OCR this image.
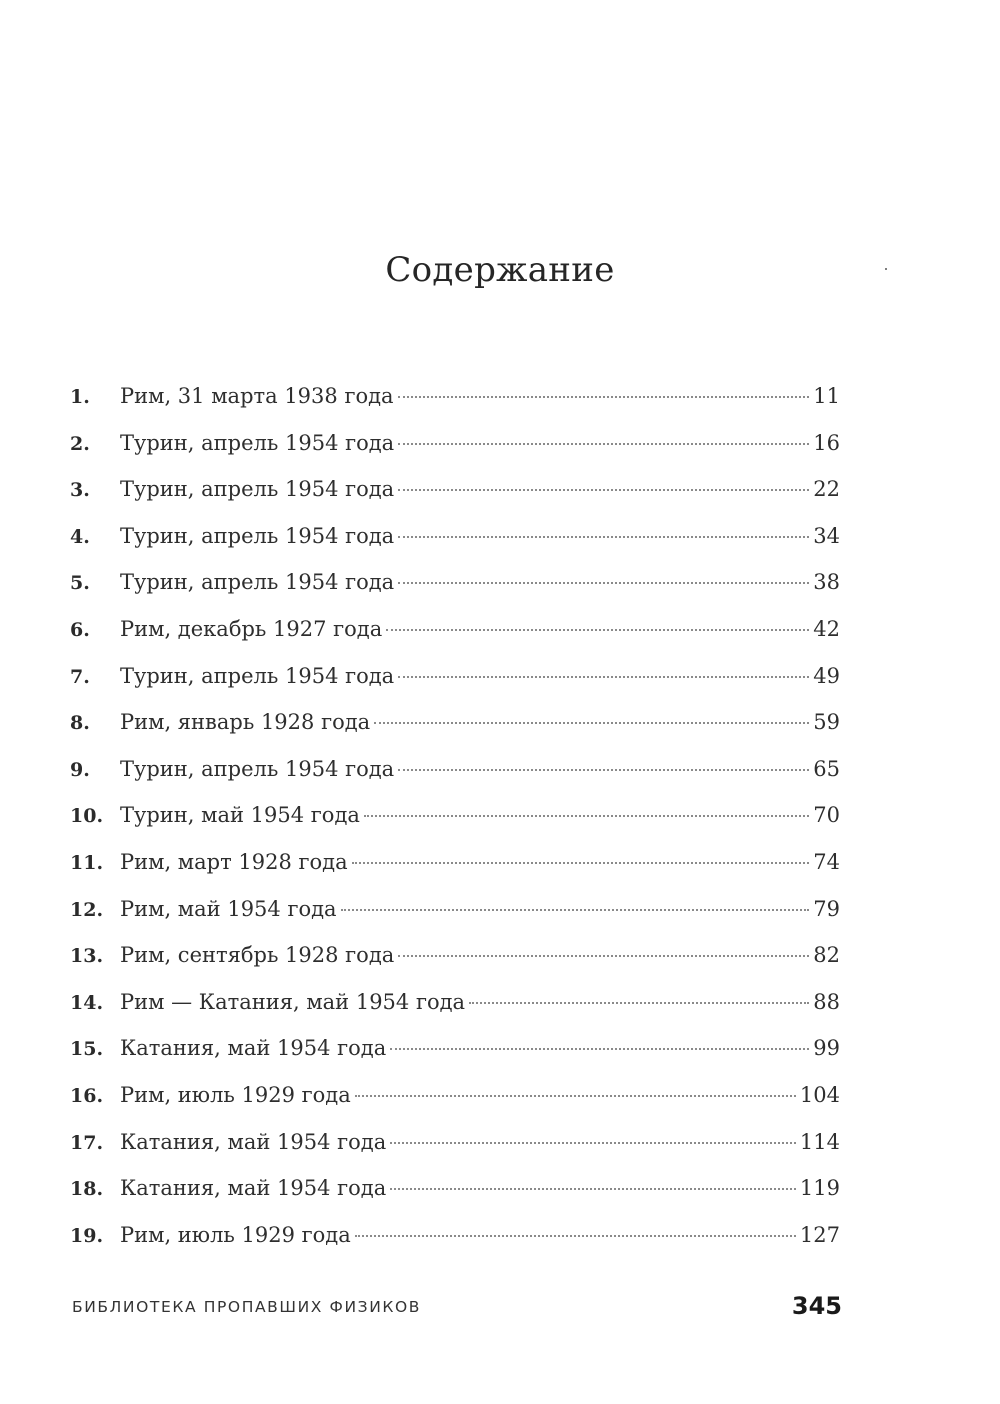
Содержание
1.	Рим, 31 марта 1938 года	11
2.	Турин, апрель 1954 года	16
3.	Турин, апрель 1954 года	22
4.	Турин, апрель 1954 года	34
5.	Турин, апрель 1954 года	38
6.	Рим, декабрь 1927 года	42
7.	Турин, апрель 1954 года	49
8.	Рим, январь 1928 года	59
9.	Турин, апрель 1954 года	65
10. Турин, май 1954 года	70
11. Рим, март 1928 года	74
12. Рим, май 1954 года	79
13. Рим, сентябрь 1928 года	82
14. Рим — Катания, май 1954 года	88
15. Катания, май 1954 года	99
16. Рим, июль 1929 года	104
17. Катания, май 1954 года	114
18. Катания, май 1954 года	119
19. Рим, июль 1929 года	127
БИБЛИОТЕКА ПРОПАВШИХ ФИЗИКОВ	345
